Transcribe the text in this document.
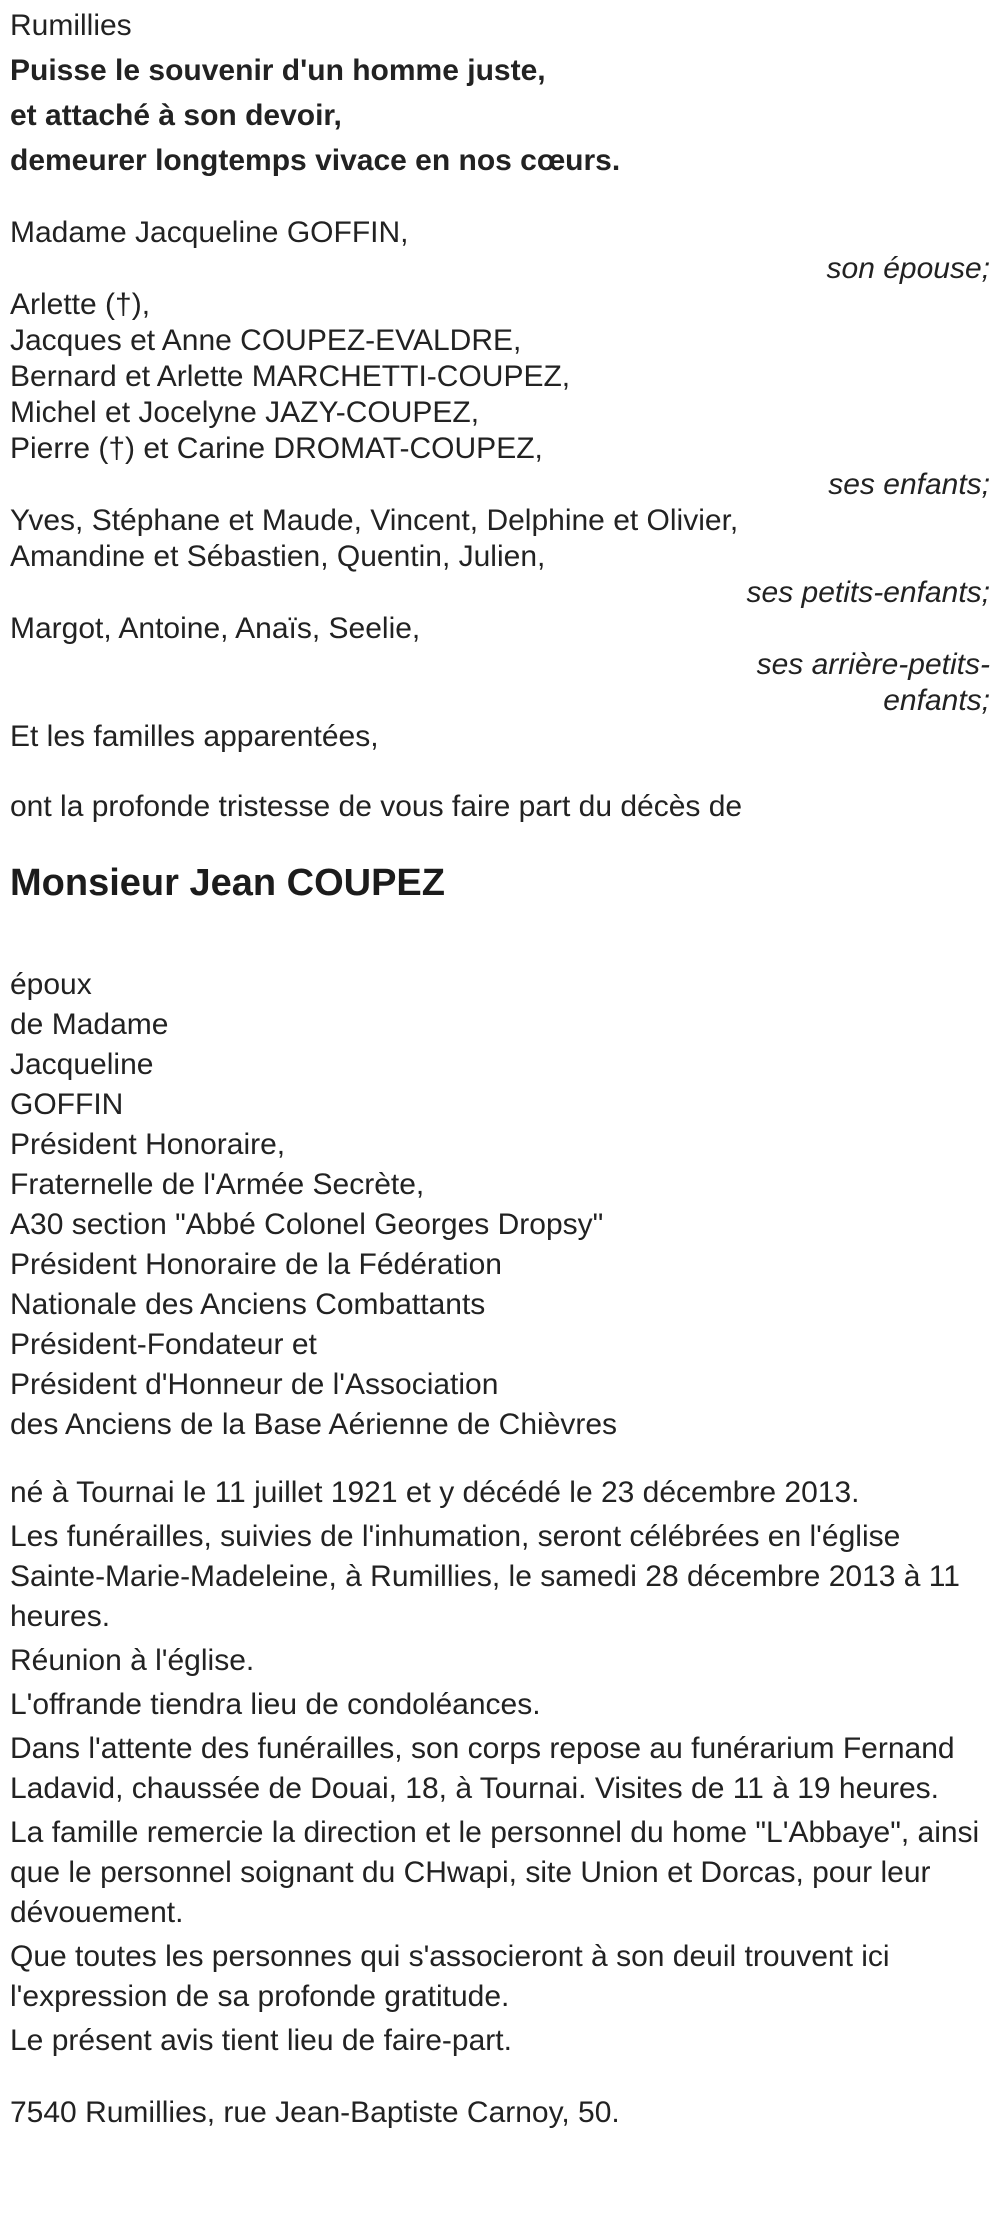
Rumillies

Puisse le souvenir d'un homme juste,

et attaché à son devoir,

demeurer longtemps vivace en nos cœurs.

Madame Jacqueline GOFFIN,
son épouse;
Arlette (†),
Jacques et Anne COUPEZ-EVALDRE,
Bernard et Arlette MARCHETTI-COUPEZ,
Michel et Jocelyne JAZY-COUPEZ,
Pierre (†) et Carine DROMAT-COUPEZ,
ses enfants;
Yves, Stéphane et Maude, Vincent, Delphine et Olivier,
Amandine et Sébastien, Quentin, Julien,
ses petits-enfants;
Margot, Antoine, Anaïs, Seelie,
ses arrière-petits-enfants;
Et les familles apparentées,
ont la profonde tristesse de vous faire part du décès de
Monsieur Jean COUPEZ
époux
de Madame
Jacqueline
GOFFIN
Président Honoraire,
Fraternelle de l'Armée Secrète,
A30 section "Abbé Colonel Georges Dropsy"
Président Honoraire de la Fédération
Nationale des Anciens Combattants
Président-Fondateur et
Président d'Honneur de l'Association
des Anciens de la Base Aérienne de Chièvres

né à Tournai le 11 juillet 1921 et y décédé le 23 décembre 2013.

Les funérailles, suivies de l'inhumation, seront célébrées en l'église Sainte-Marie-Madeleine, à Rumillies, le samedi 28 décembre 2013 à 11 heures.

Réunion à l'église.

L'offrande tiendra lieu de condoléances.

Dans l'attente des funérailles, son corps repose au funérarium Fernand Ladavid, chaussée de Douai, 18, à Tournai. Visites de 11 à 19 heures.

La famille remercie la direction et le personnel du home "L'Abbaye", ainsi que le personnel soignant du CHwapi, site Union et Dorcas, pour leur dévouement.

Que toutes les personnes qui s'associeront à son deuil trouvent ici l'expression de sa profonde gratitude.

Le présent avis tient lieu de faire-part.

7540 Rumillies, rue Jean-Baptiste Carnoy, 50.
